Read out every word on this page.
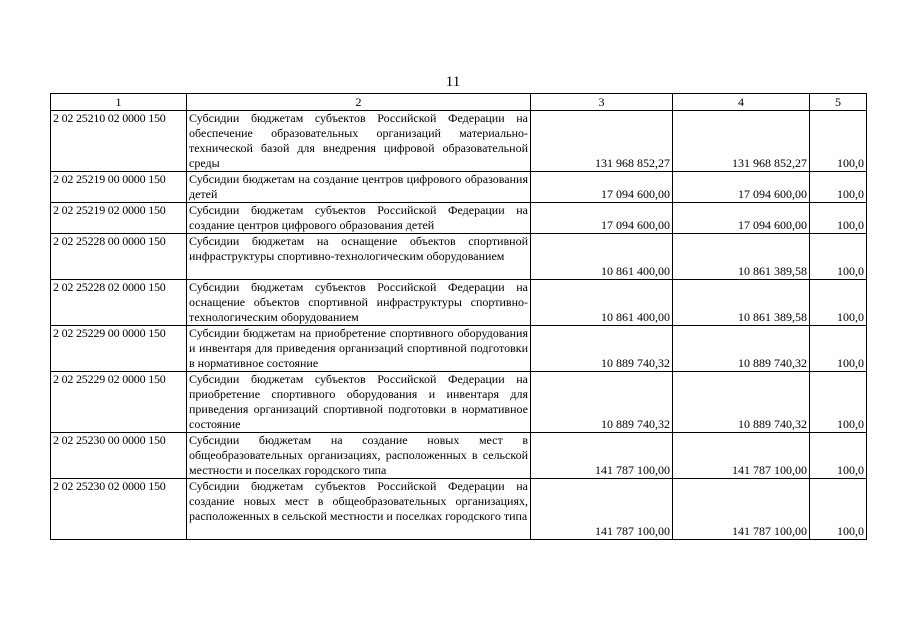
11
1	2	3	4	5
2 02 25210 02 0000 150	Субсидии бюджетам субъектов Российской Федерации на обеспечение образовательных организаций материально-технической базой для внедрения цифровой образовательной среды	131 968 852,27	131 968 852,27	100,0
2 02 25219 00 0000 150	Субсидии бюджетам на создание центров цифрового образования детей	17 094 600,00	17 094 600,00	100,0
2 02 25219 02 0000 150	Субсидии бюджетам субъектов Российской Федерации на создание центров цифрового образования детей	17 094 600,00	17 094 600,00	100,0
2 02 25228 00 0000 150	Субсидии бюджетам на оснащение объектов спортивной инфраструктуры спортивно-технологическим оборудованием	10 861 400,00	10 861 389,58	100,0
2 02 25228 02 0000 150	Субсидии бюджетам субъектов Российской Федерации на оснащение объектов спортивной инфраструктуры спортивно-технологическим оборудованием	10 861 400,00	10 861 389,58	100,0
2 02 25229 00 0000 150	Субсидии бюджетам на приобретение спортивного оборудования и инвентаря для приведения организаций спортивной подготовки в нормативное состояние	10 889 740,32	10 889 740,32	100,0
2 02 25229 02 0000 150	Субсидии бюджетам субъектов Российской Федерации на приобретение спортивного оборудования и инвентаря для приведения организаций спортивной подготовки в нормативное состояние	10 889 740,32	10 889 740,32	100,0
2 02 25230 00 0000 150	Субсидии бюджетам на создание новых мест в общеобразовательных организациях, расположенных в сельской местности и поселках городского типа	141 787 100,00	141 787 100,00	100,0
2 02 25230 02 0000 150	Субсидии бюджетам субъектов Российской Федерации на создание новых мест в общеобразовательных организациях, расположенных в сельской местности и поселках городского типа	141 787 100,00	141 787 100,00	100,0
